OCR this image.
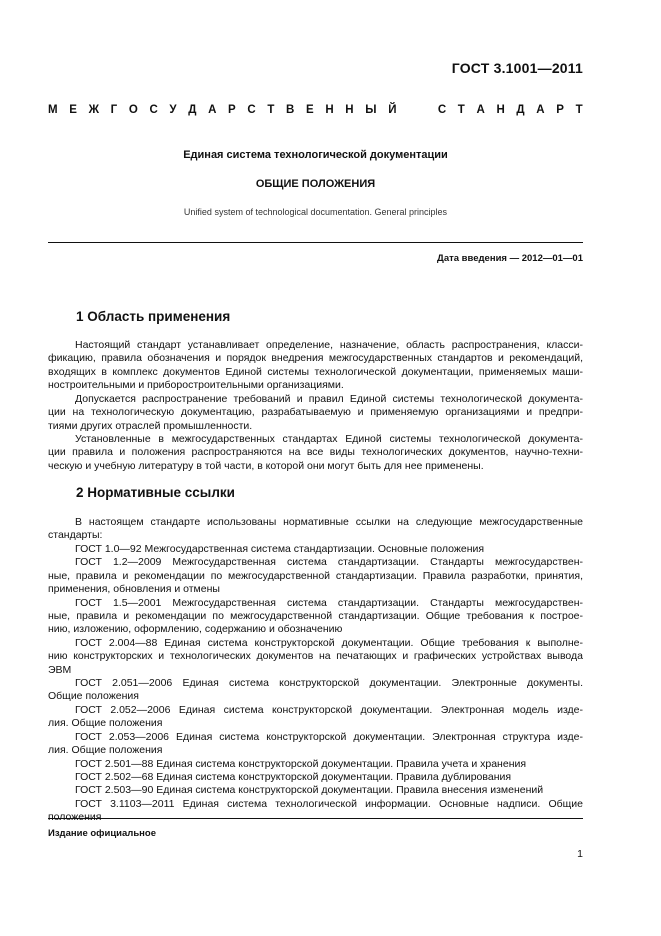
ГОСТ 3.1001—2011
М Е Ж Г О С У Д А Р С Т В Е Н Н Ы Й

	С Т А Н Д А Р Т
Единая система технологической документации
ОБЩИЕ ПОЛОЖЕНИЯ
Unified system of technological documentation. General principles
Дата введения — 2012—01—01
1 Область применения
Настоящий стандарт устанавливает определение, назначение, область распространения, класси-
фикацию, правила обозначения и порядок внедрения межгосударственных стандартов и рекомендаций,
входящих в комплекс документов Единой системы технологической документации, применяемых маши-
ностроительными и приборостроительными организациями.
Допускается распространение требований и правил Единой системы технологической документа-
ции на технологическую документацию, разрабатываемую и применяемую организациями и предпри-
тиями других отраслей промышленности.
Установленные в межгосударственных стандартах Единой системы технологической документа-
ции правила и положения распространяются на все виды технологических документов, научно-техни-
ческую и учебную литературу в той части, в которой они могут быть для нее применены.
2 Нормативные ссылки
В настоящем стандарте использованы нормативные ссылки на следующие межгосударственные
стандарты:
ГОСТ 1.0—92 Межгосударственная система стандартизации. Основные положения
ГОСТ 1.2—2009 Межгосударственная система стандартизации. Стандарты межгосударствен-
ные, правила и рекомендации по межгосударственной стандартизации. Правила разработки, принятия,
применения, обновления и отмены
ГОСТ 1.5—2001 Межгосударственная система стандартизации. Стандарты межгосударствен-
ные, правила и рекомендации по межгосударственной стандартизации. Общие требования к построе-
нию, изложению, оформлению, содержанию и обозначению
ГОСТ 2.004—88 Единая система конструкторской документации. Общие требования к выполне-
нию конструкторских и технологических документов на печатающих и графических устройствах вывода
ЭВМ
ГОСТ 2.051—2006 Единая система конструкторской документации. Электронные документы.
Общие положения
ГОСТ 2.052—2006 Единая система конструкторской документации. Электронная модель изде-
лия. Общие положения
ГОСТ 2.053—2006 Единая система конструкторской документации. Электронная структура изде-
лия. Общие положения
ГОСТ 2.501—88 Единая система конструкторской документации. Правила учета и хранения
ГОСТ 2.502—68 Единая система конструкторской документации. Правила дублирования
ГОСТ 2.503—90 Единая система конструкторской документации. Правила внесения изменений
ГОСТ 3.1103—2011 Единая система технологической информации. Основные надписи. Общие
положения
Издание официальное
1
